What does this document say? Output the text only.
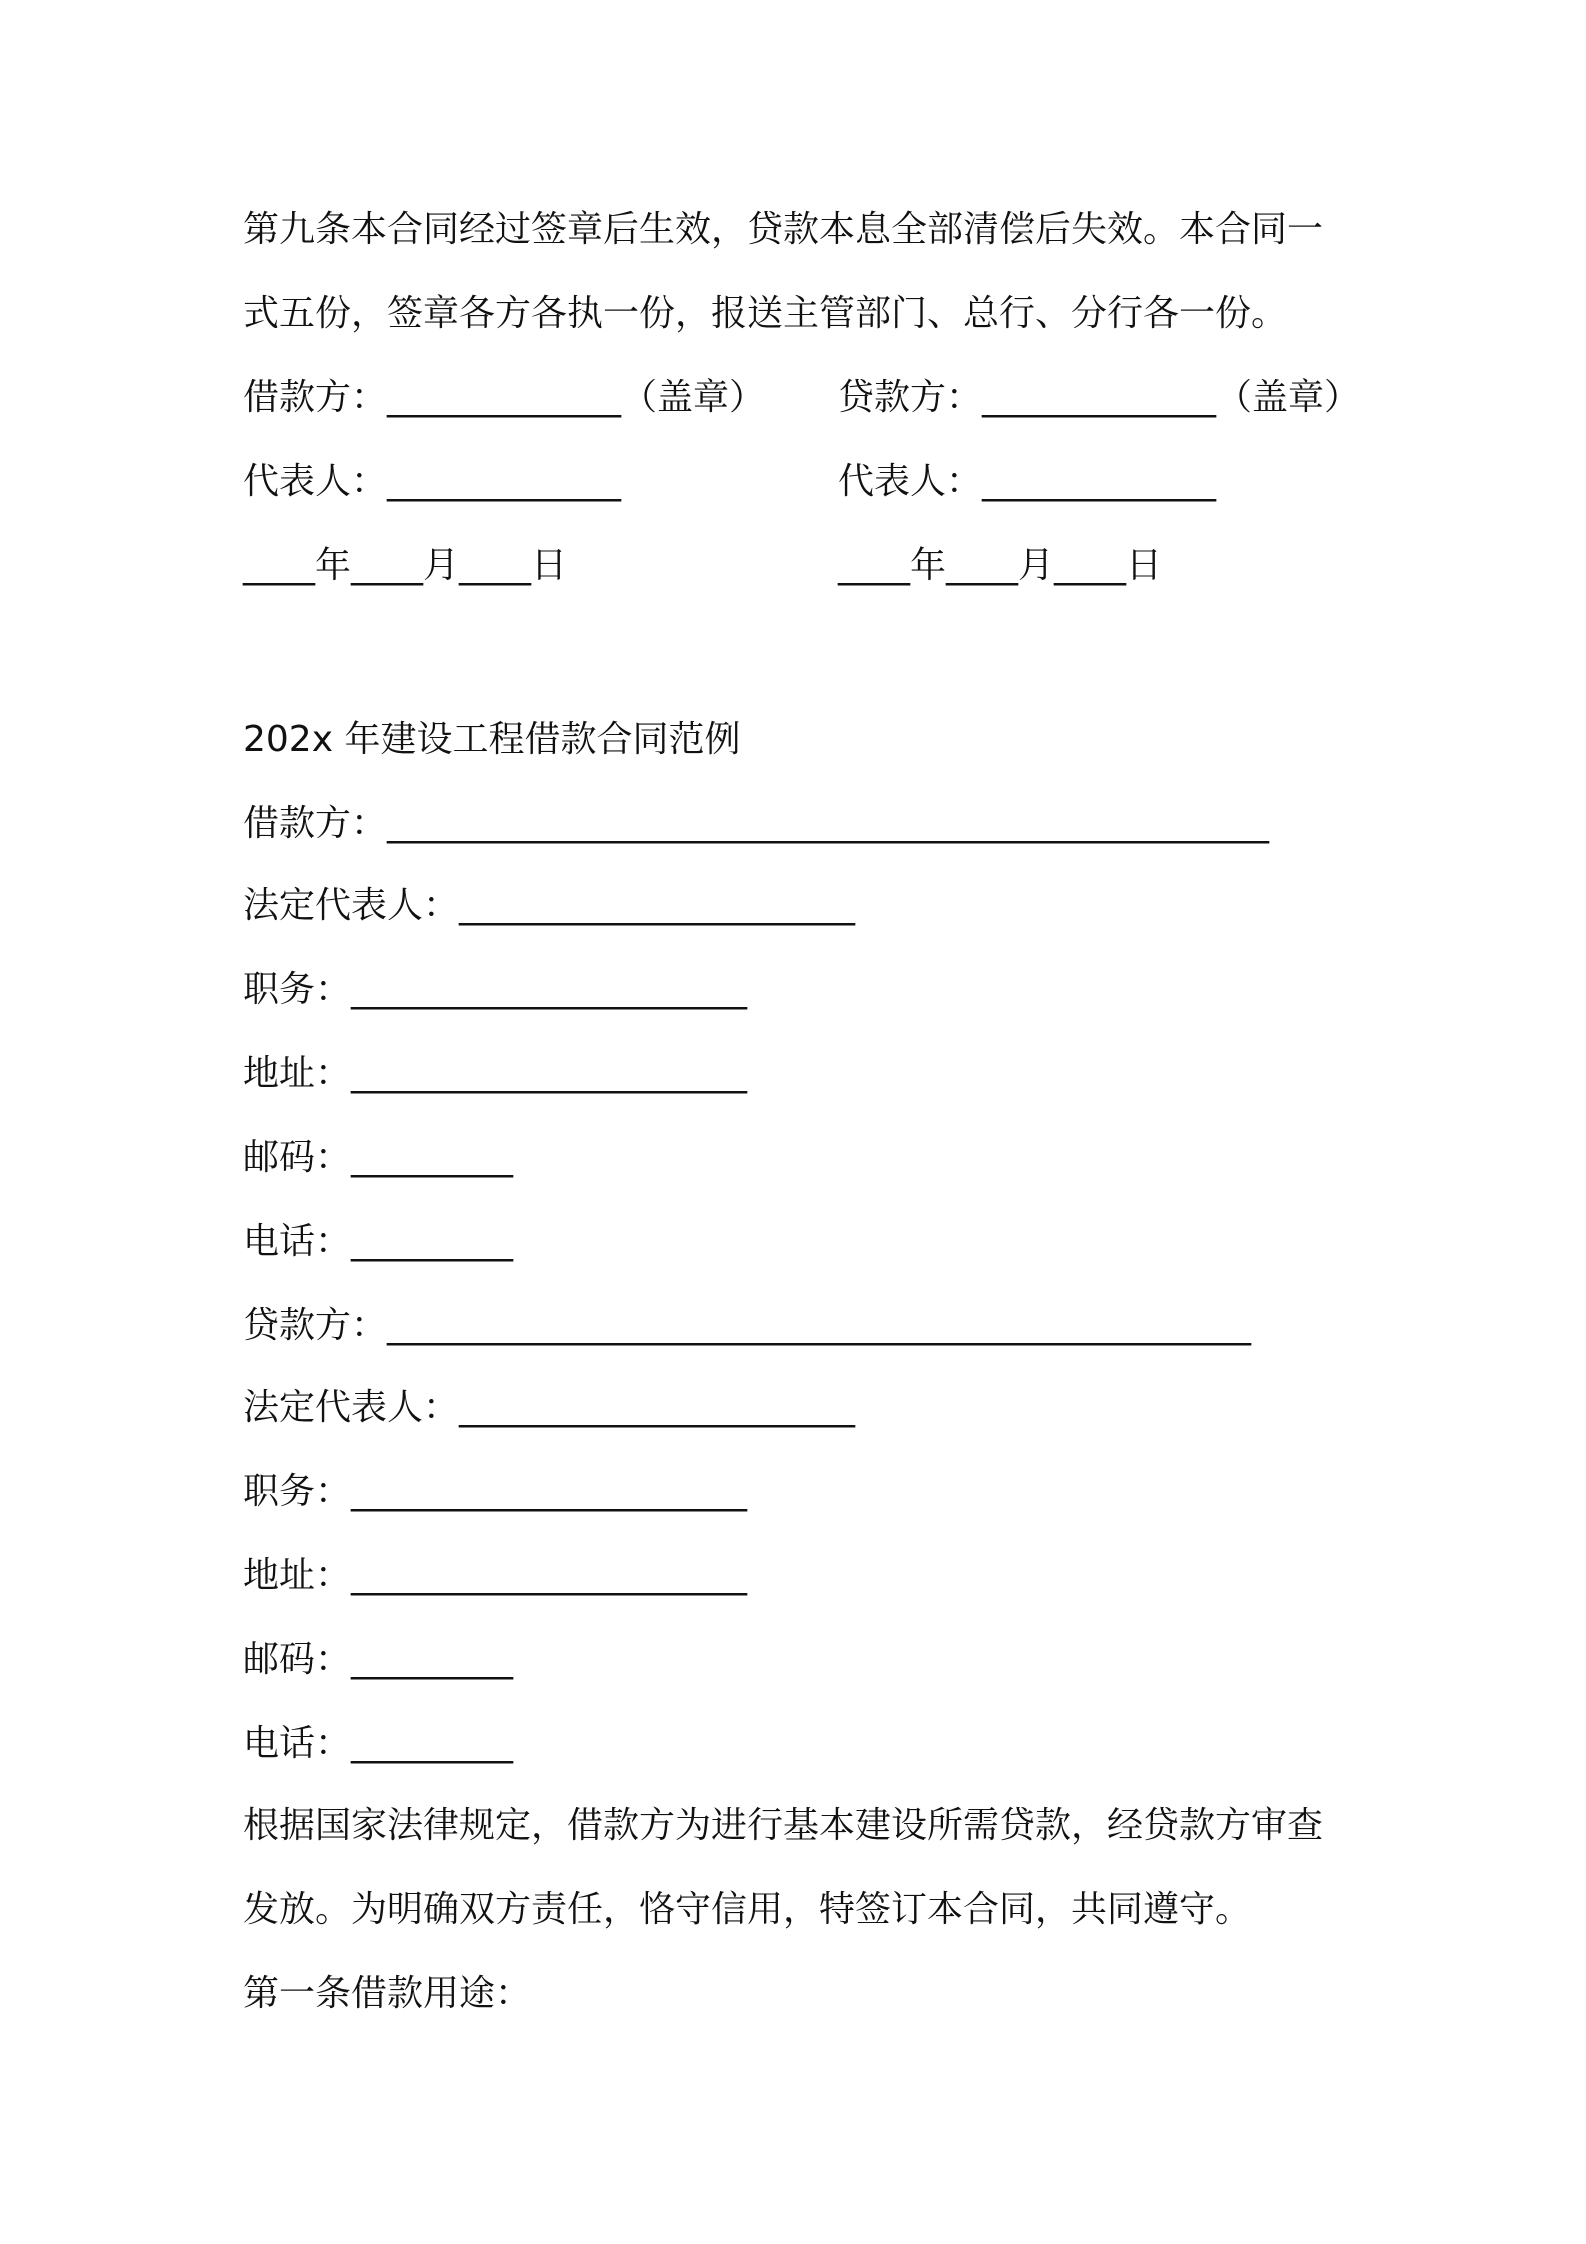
第九条本合同经过签章后生效，贷款本息全部清偿后失效。本合同一
式五份，签章各方各执一份，报送主管部门、总行、分行各一份。
借款方：_____________（盖章） 贷款方：_____________（盖章）
代表人：_____________	代表人：_____________
____年____月____日	____年____月____日
202x 年建设工程借款合同范例
借款方：_________________________________________________
法定代表人：______________________
职务：______________________
地址：______________________
邮码：_________
电话：_________
贷款方：________________________________________________
法定代表人：______________________
职务：______________________
地址：______________________
邮码：_________
电话：_________
根据国家法律规定，借款方为进行基本建设所需贷款，经贷款方审查
发放。为明确双方责任，恪守信用，特签订本合同，共同遵守。
第一条借款用途：
